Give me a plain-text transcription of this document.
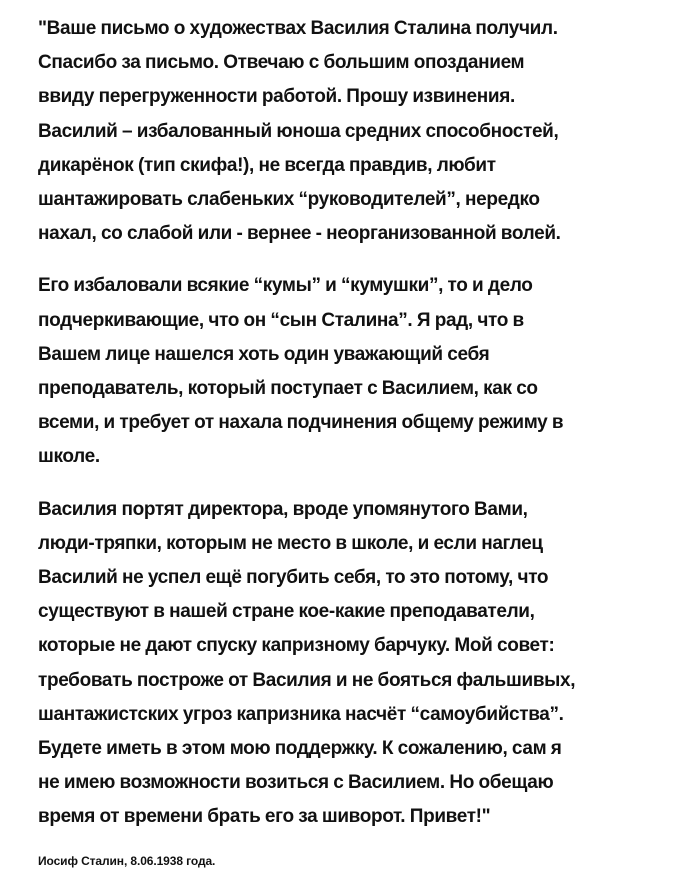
"Ваше письмо о художествах Василия Сталина получил.
Спасибо за письмо. Отвечаю с большим опозданием
ввиду перегруженности работой. Прошу извинения.
Василий – избалованный юноша средних способностей,
дикарёнок (тип скифа!), не всегда правдив, любит
шантажировать слабеньких “руководителей”, нередко
нахал, со слабой или - вернее - неорганизованной волей.
Его избаловали всякие “кумы” и “кумушки”, то и дело
подчеркивающие, что он “сын Сталина”. Я рад, что в
Вашем лице нашелся хоть один уважающий себя
преподаватель, который поступает с Василием, как со
всеми, и требует от нахала подчинения общему режиму в
школе.
Василия портят директора, вроде упомянутого Вами,
люди-тряпки, которым не место в школе, и если наглец
Василий не успел ещё погубить себя, то это потому, что
существуют в нашей стране кое-какие преподаватели,
которые не дают спуску капризному барчуку. Мой совет:
требовать построже от Василия и не бояться фальшивых,
шантажистских угроз капризника насчёт “самоубийства”.
Будете иметь в этом мою поддержку. К сожалению, сам я
не имею возможности возиться с Василием. Но обещаю
время от времени брать его за шиворот. Привет!"
Иосиф Сталин, 8.06.1938 года.
